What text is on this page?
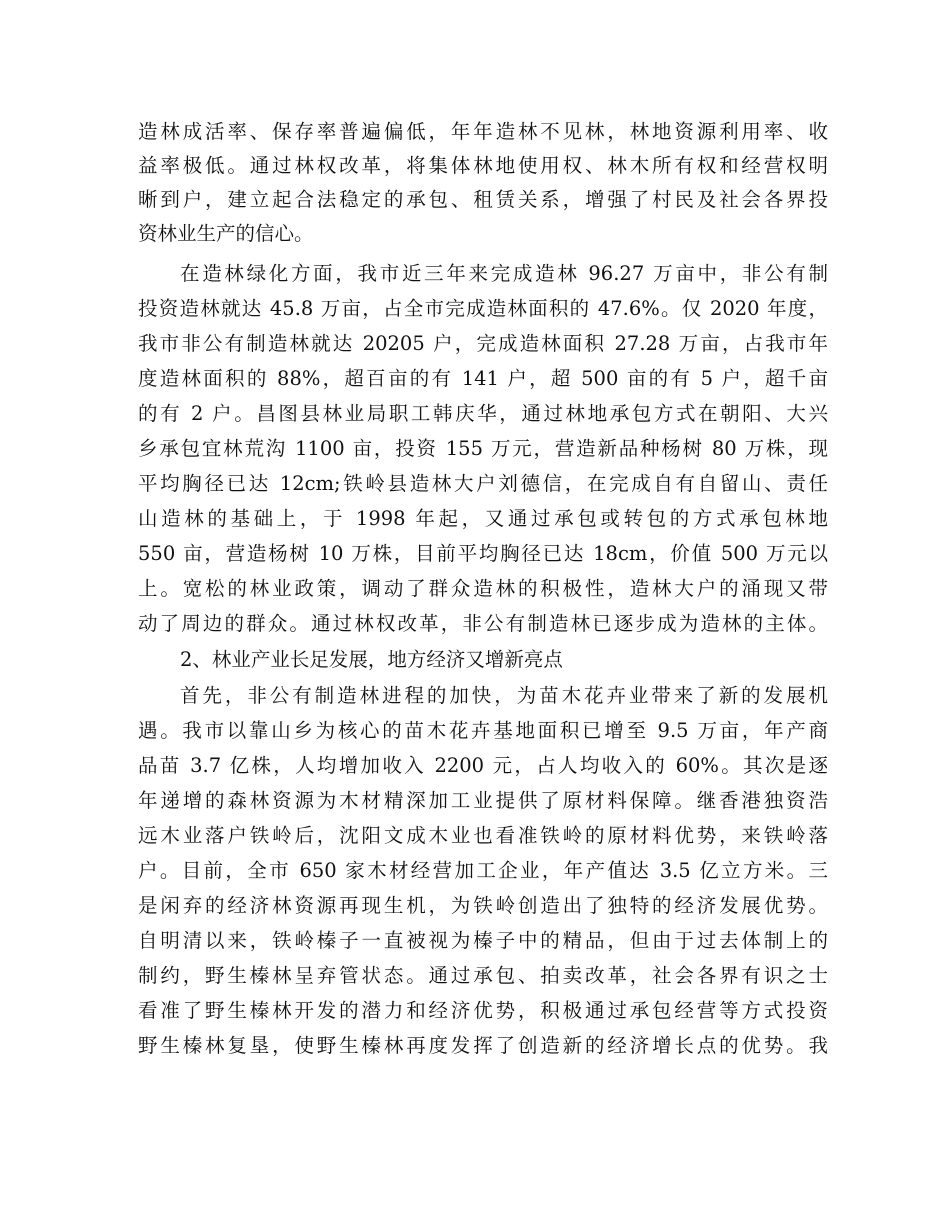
造林成活率、保存率普遍偏低，年年造林不见林，林地资源利用率、收
益率极低。通过林权改革，将集体林地使用权、林木所有权和经营权明
晰到户，建立起合法稳定的承包、租赁关系，增强了村民及社会各界投
资林业生产的信心。
在造林绿化方面，我市近三年来完成造林 96.27 万亩中，非公有制
投资造林就达 45.8 万亩，占全市完成造林面积的 47.6%。仅 2020 年度，
我市非公有制造林就达 20205 户，完成造林面积 27.28 万亩，占我市年
度造林面积的 88%，超百亩的有 141 户，超 500 亩的有 5 户，超千亩
的有 2 户。昌图县林业局职工韩庆华，通过林地承包方式在朝阳、大兴
乡承包宜林荒沟 1100 亩，投资 155 万元，营造新品种杨树 80 万株，现
平均胸径已达 12cm;铁岭县造林大户刘德信，在完成自有自留山、责任
山造林的基础上，于 1998 年起，又通过承包或转包的方式承包林地
550 亩，营造杨树 10 万株，目前平均胸径已达 18cm，价值 500 万元以
上。宽松的林业政策，调动了群众造林的积极性，造林大户的涌现又带
动了周边的群众。通过林权改革，非公有制造林已逐步成为造林的主体。
2、林业产业长足发展，地方经济又增新亮点
首先，非公有制造林进程的加快，为苗木花卉业带来了新的发展机
遇。我市以靠山乡为核心的苗木花卉基地面积已增至 9.5 万亩，年产商
品苗 3.7 亿株，人均增加收入 2200 元，占人均收入的 60%。其次是逐
年递增的森林资源为木材精深加工业提供了原材料保障。继香港独资浩
远木业落户铁岭后，沈阳文成木业也看准铁岭的原材料优势，来铁岭落
户。目前，全市 650 家木材经营加工企业，年产值达 3.5 亿立方米。三
是闲弃的经济林资源再现生机，为铁岭创造出了独特的经济发展优势。
自明清以来，铁岭榛子一直被视为榛子中的精品，但由于过去体制上的
制约，野生榛林呈弃管状态。通过承包、拍卖改革，社会各界有识之士
看准了野生榛林开发的潜力和经济优势，积极通过承包经营等方式投资
野生榛林复垦，使野生榛林再度发挥了创造新的经济增长点的优势。我
